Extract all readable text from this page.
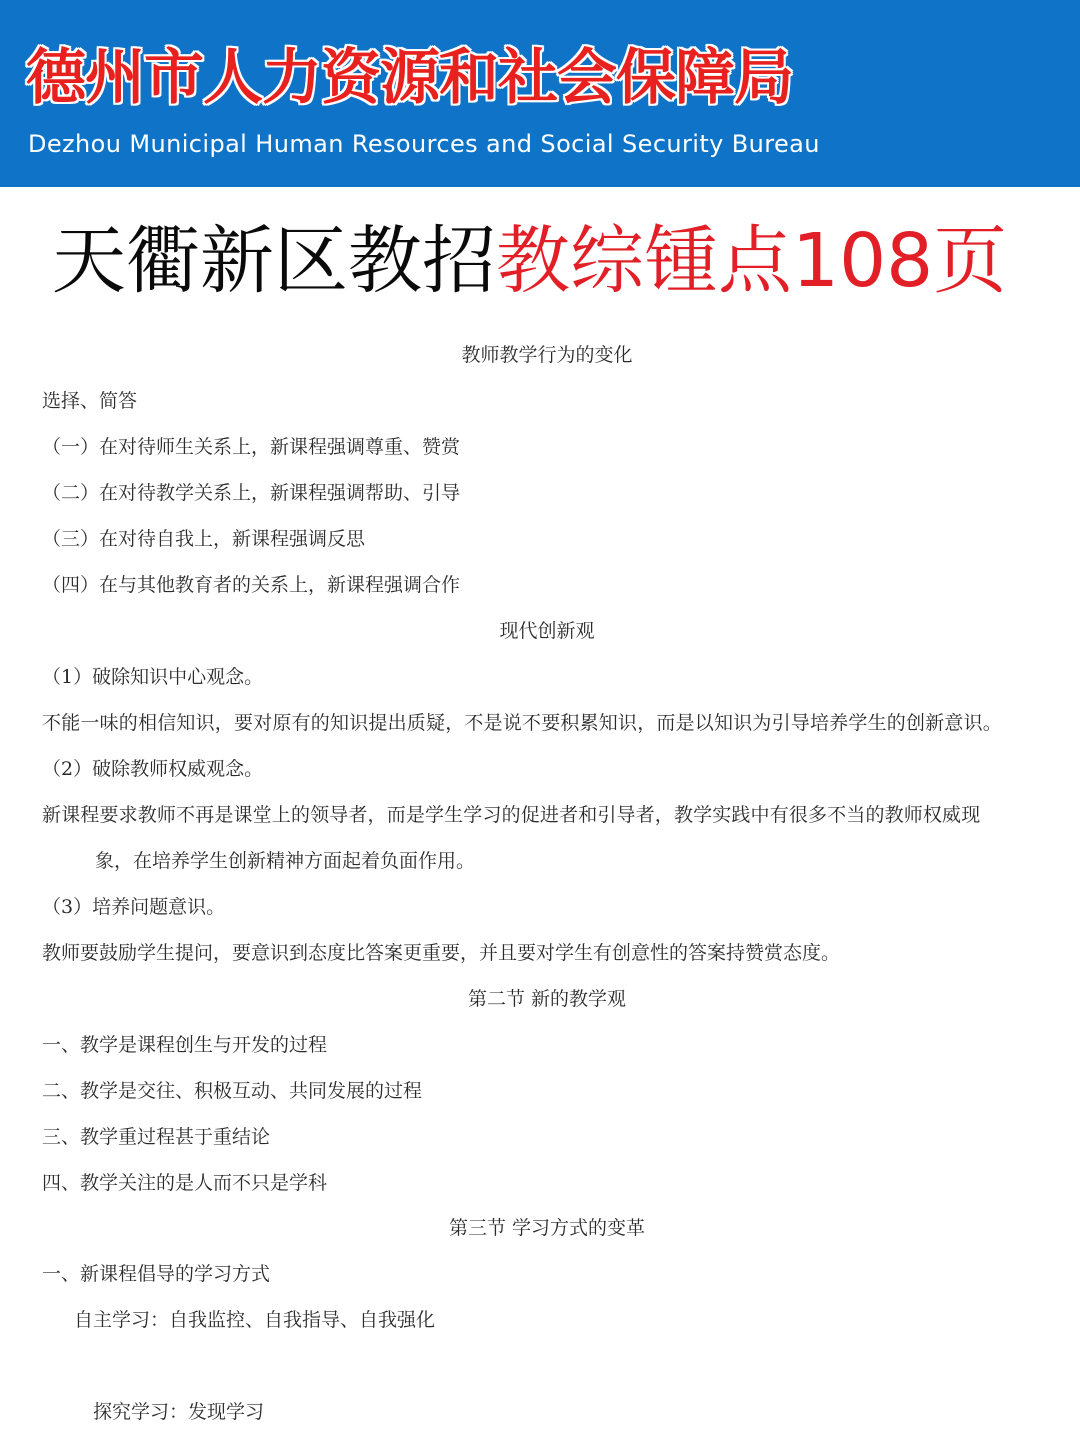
德州市人力资源和社会保障局
Dezhou Municipal Human Resources and Social Security Bureau
天衢新区教招教综锺点108页
教师教学行为的变化
选择、简答
（一）在对待师生关系上，新课程强调尊重、赞赏
（二）在对待教学关系上，新课程强调帮助、引导
（三）在对待自我上，新课程强调反思
（四）在与其他教育者的关系上，新课程强调合作
现代创新观
（1）破除知识中心观念。
不能一味的相信知识，要对原有的知识提出质疑，不是说不要积累知识，而是以知识为引导培养学生的创新意识。
（2）破除教师权威观念。
新课程要求教师不再是课堂上的领导者，而是学生学习的促进者和引导者，教学实践中有很多不当的教师权威现
象，在培养学生创新精神方面起着负面作用。
（3）培养问题意识。
教师要鼓励学生提问，要意识到态度比答案更重要，并且要对学生有创意性的答案持赞赏态度。
第二节 新的教学观
一、教学是课程创生与开发的过程
二、教学是交往、积极互动、共同发展的过程
三、教学重过程甚于重结论
四、教学关注的是人而不只是学科
第三节 学习方式的变革
一、新课程倡导的学习方式
自主学习：自我监控、自我指导、自我强化
探究学习：发现学习
